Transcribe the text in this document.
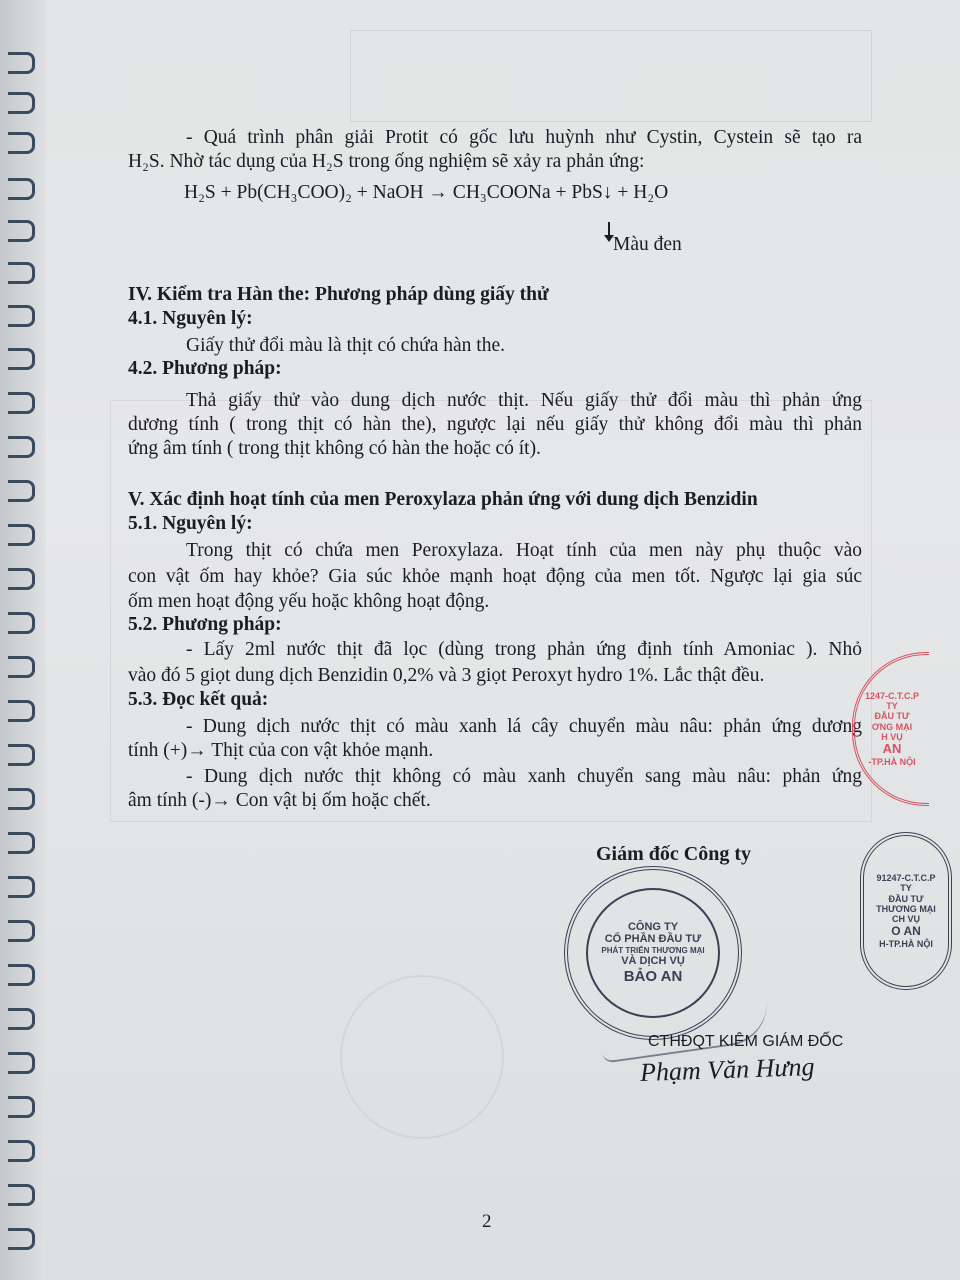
- Quá trình phân giải Protit có gốc lưu huỳnh như Cystin, Cystein sẽ tạo ra
H₂S. Nhờ tác dụng của H₂S trong ống nghiệm sẽ xảy ra phản ứng:
H₂S + Pb(CH₃COO)₂ + NaOH → CH₃COONa + PbS↓ + H₂O
Màu đen
IV. Kiểm tra Hàn the: Phương pháp dùng giấy thử
4.1. Nguyên lý:
Giấy thử đổi màu là thịt có chứa hàn the.
4.2. Phương pháp:
Thả giấy thử vào dung dịch nước thịt. Nếu giấy thử đổi màu thì phản ứng
dương tính ( trong thịt có hàn the), ngược lại nếu giấy thử không đổi màu thì phản
ứng âm tính ( trong thịt không có hàn the hoặc có ít).
V. Xác định hoạt tính của men Peroxylaza phản ứng với dung dịch Benzidin
5.1. Nguyên lý:
Trong thịt có chứa men Peroxylaza. Hoạt tính của men này phụ thuộc vào
con vật ốm hay khỏe? Gia súc khỏe mạnh hoạt động của men tốt. Ngược lại gia súc
ốm men hoạt động yếu hoặc không hoạt động.
5.2. Phương pháp:
- Lấy 2ml nước thịt đã lọc (dùng trong phản ứng định tính Amoniac ). Nhỏ
vào đó 5 giọt dung dịch Benzidin 0,2% và 3 giọt Peroxyt hydro 1%. Lắc thật đều.
5.3. Đọc kết quả:
- Dung dịch nước thịt có màu xanh lá cây chuyển màu nâu: phản ứng dương
tính (+)→ Thịt của con vật khỏe mạnh.
- Dung dịch nước thịt không có màu xanh chuyển sang màu nâu: phản ứng
âm tính (-)→ Con vật bị ốm hoặc chết.
1247-C.T.C.P
TY
ĐẦU TƯ
ƠNG MẠI
H VỤ
AN
-TP.HÀ NỘI
91247-C.T.C.P
TY
ĐẦU TƯ
THƯƠNG MẠI
CH VỤ
O AN
H-TP.HÀ NỘI
Giám đốc Công ty
CÔNG TY
CỔ PHẦN ĐẦU TƯ
PHÁT TRIỂN THƯƠNG MẠI
VÀ DỊCH VỤ
BẢO AN
CTHĐQT KIÊM GIÁM ĐỐC
Phạm Văn Hưng
2
